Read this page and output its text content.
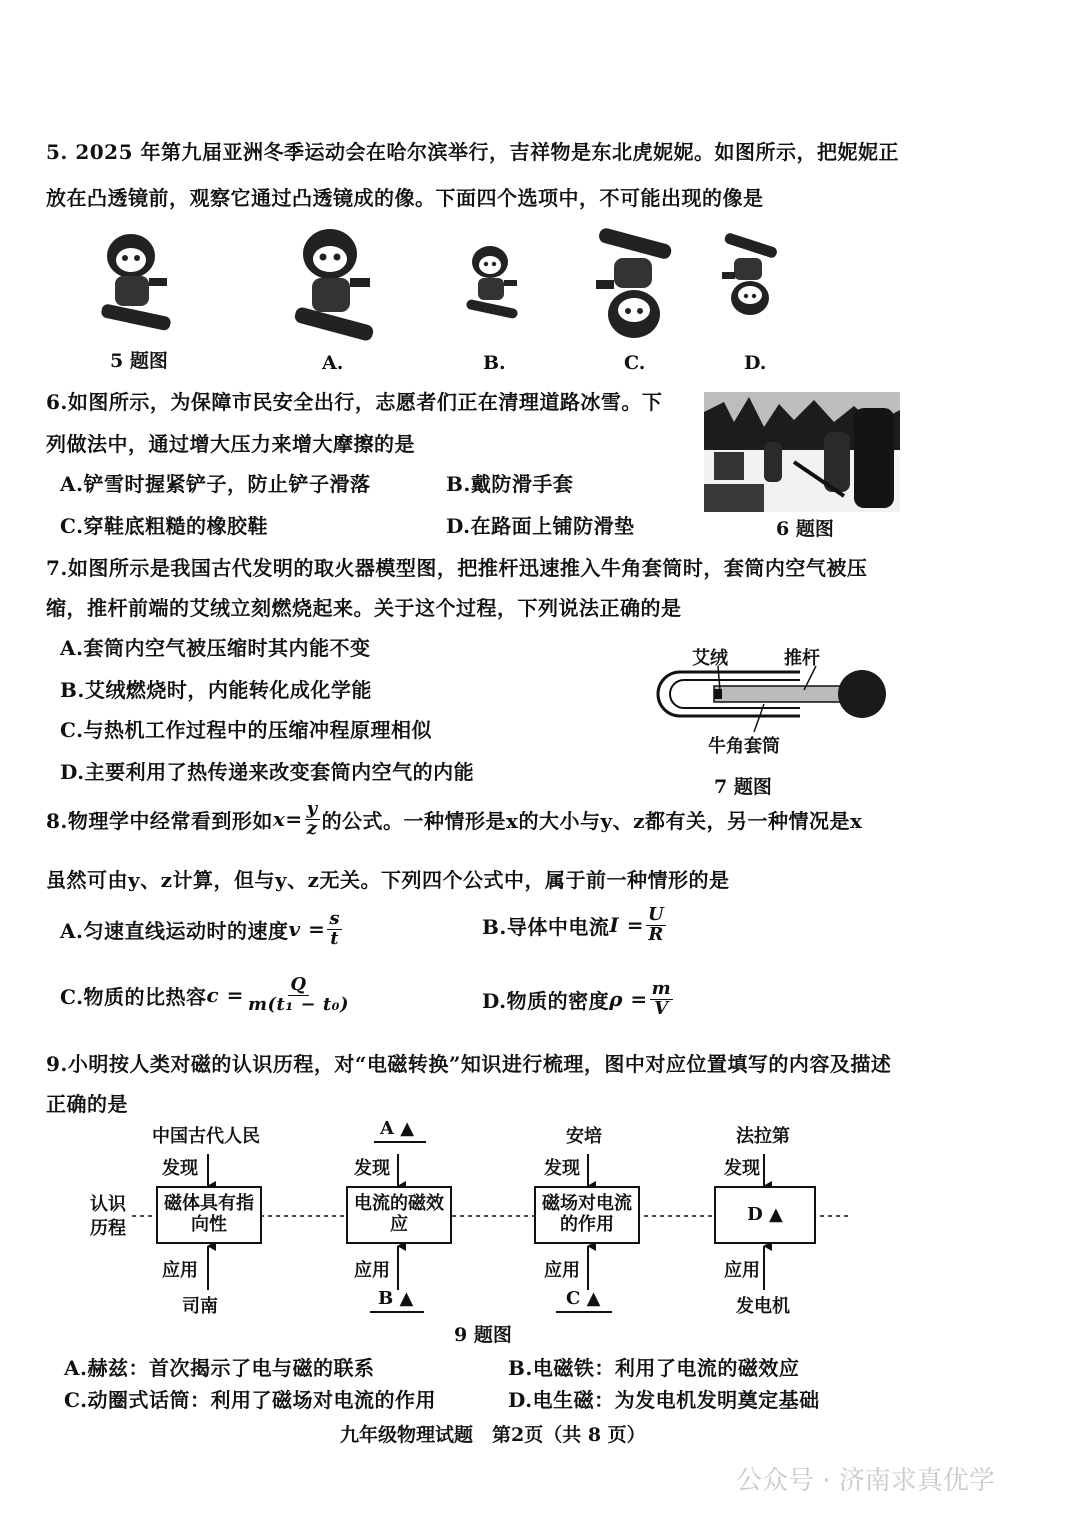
5. 2025 年第九届亚洲冬季运动会在哈尔滨举行，吉祥物是东北虎妮妮。如图所示，把妮妮正
放在凸透镜前，观察它通过凸透镜成的像。下面四个选项中，不可能出现的像是
5 题图	A.	B.	C.	D.
6.如图所示，为保障市民安全出行，志愿者们正在清理道路冰雪。下
列做法中，通过增大压力来增大摩擦的是
A.铲雪时握紧铲子，防止铲子滑落	B.戴防滑手套
C.穿鞋底粗糙的橡胶鞋	D.在路面上铺防滑垫	6 题图
7.如图所示是我国古代发明的取火器模型图，把推杆迅速推入牛角套筒时，套筒内空气被压
缩，推杆前端的艾绒立刻燃烧起来。关于这个过程，下列说法正确的是
A.套筒内空气被压缩时其内能不变
B.艾绒燃烧时，内能转化成化学能
C.与热机工作过程中的压缩冲程原理相似
D.主要利用了热传递来改变套筒内空气的内能
艾绒	推杆
牛角套筒
7 题图
8.物理学中经常看到形如 $x = \frac{y}{z}$ 的公式。一种情形是x的大小与y、z都有关，另一种情况是x
虽然可由y、z计算，但与y、z无关。下列四个公式中，属于前一种情形的是
A.匀速直线运动时的速度 $v = \frac{s}{t}$	B.导体中电流 $I = \frac{U}{R}$
C.物质的比热容 $c = \frac{Q}{\text{m(t₁ − t₀)}}$	D.物质的密度 $\rho = \frac{m}{V}$
9.小明按人类对磁的认识历程，对“电磁转换”知识进行梳理，图中对应位置填写的内容及描述
正确的是
认识
历程
中国古代人民
发现
磁体具有指向性
应用
司南
A ▲
发现
电流的磁效应
应用
B ▲
安培
发现
磁场对电流的作用
应用
C ▲
法拉第
发现
D ▲
应用
发电机
9 题图
A.赫兹：首次揭示了电与磁的联系	B.电磁铁：利用了电流的磁效应
C.动圈式话筒：利用了磁场对电流的作用	D.电生磁：为发电机发明奠定基础
九年级物理试题　第2页（共 8 页）
公众号 · 济南求真优学
